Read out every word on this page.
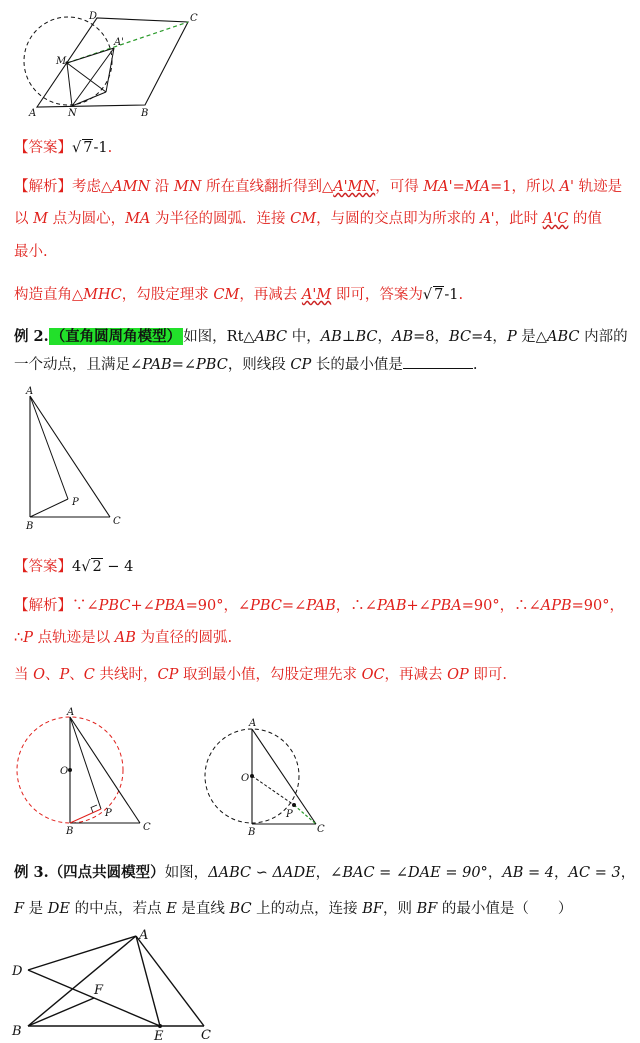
D	C
A'
M
A	N	B
【答案】√ 7-1.
【解析】考虑△AMN 沿 MN 所在直线翻折得到△A'MN，可得 MA'=MA=1，所以 A' 轨迹是
以 M 点为圆心，MA 为半径的圆弧．连接 CM，与圆的交点即为所求的 A'，此时 A'C 的值
最小.
构造直角△MHC，勾股定理求 CM，再减去 A'M 即可，答案为√ 7-1.
例 2. （直角圆周角模型） 如图，Rt△ABC 中，AB⊥BC，AB=8，BC=4，P 是△ABC 内部的
一个动点，且满足∠PAB=∠PBC，则线段 CP 长的最小值是	.
A
P
B	C
【答案】4√ 2 − 4
【解析】∵∠PBC+∠PBA=90°，∠PBC=∠PAB，∴∠PAB+∠PBA=90°，∴∠APB=90°，
∴P 点轨迹是以 AB 为直径的圆弧.
当 O、P、C 共线时，CP 取到最小值，勾股定理先求 OC，再减去 OP 即可.
A
O
P
B	C
A
O
P
B	C
例 3.（四点共圆模型）如图，ΔABC ∽ ΔADE，∠BAC = ∠DAE = 90°，AB = 4，AC = 3，
F 是 DE 的中点，若点 E 是直线 BC 上的动点，连接 BF，则 BF 的最小值是（　　）
A
D
F
B	E	C
